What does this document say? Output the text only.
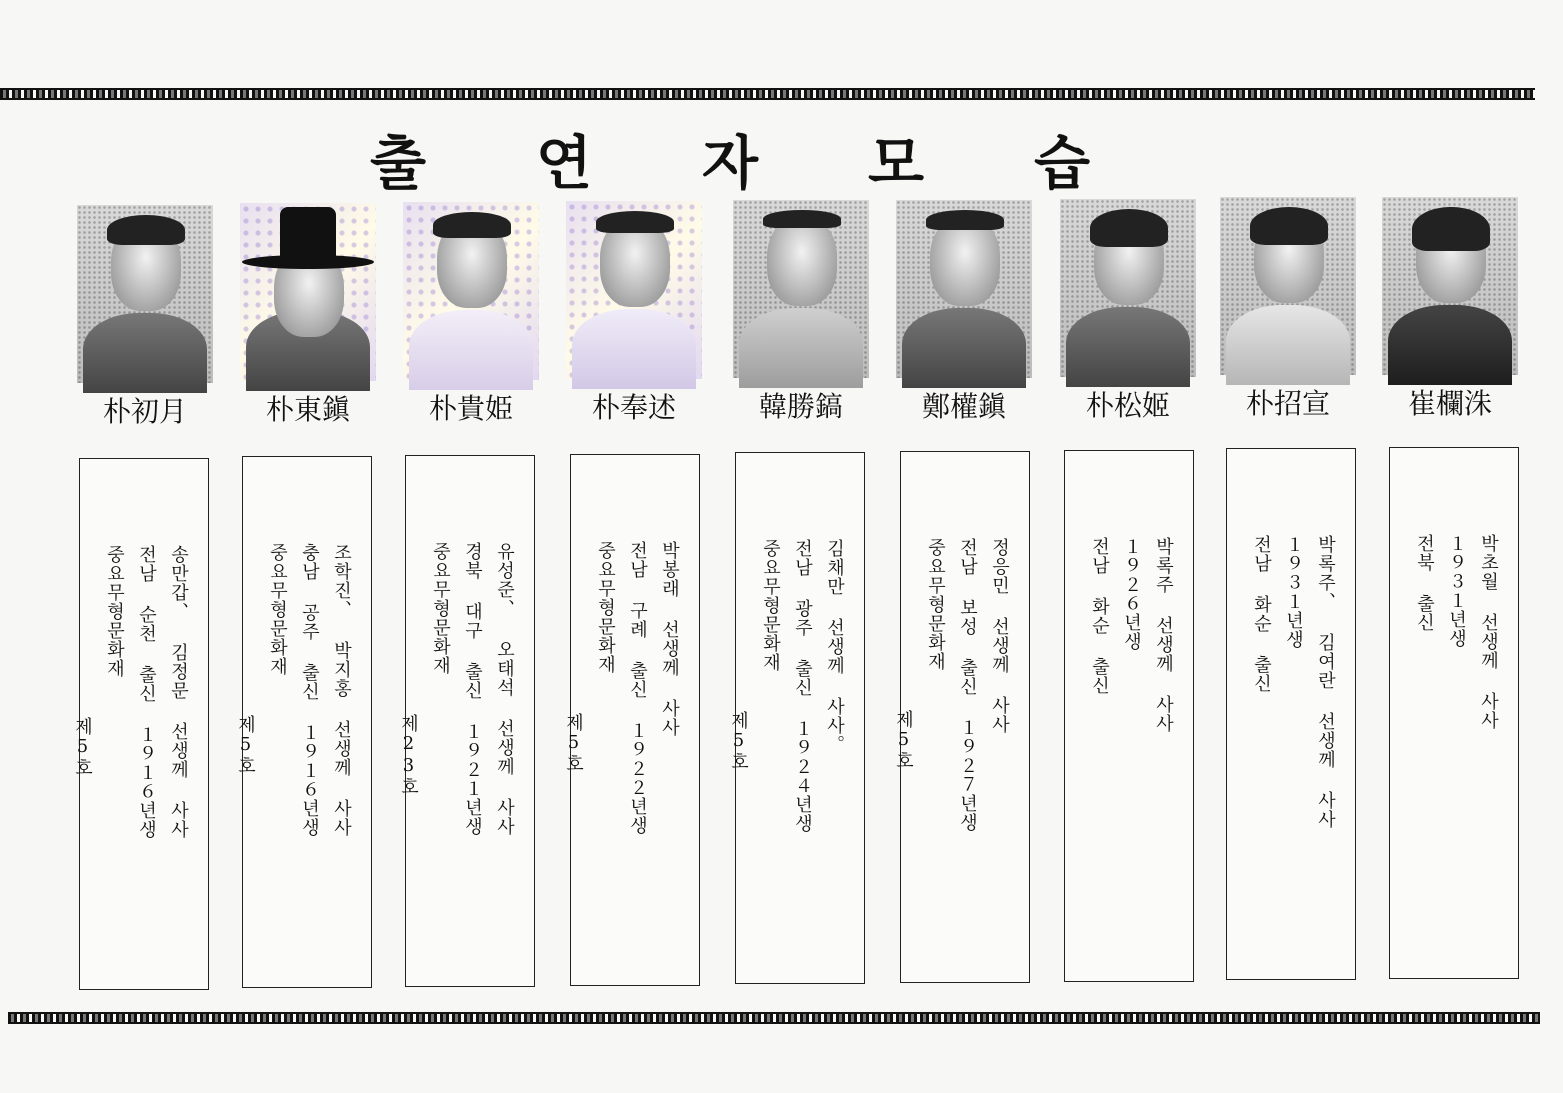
출 연 자 모 습
朴初月
송만갑、 김정문 선생께 사사
전남 순천 출신 １９１６년생
중요무형문화재
제5호
朴東鎭
조학진、 박지홍 선생께 사사
충남 공주 출신 １９１６년생
중요무형문화재
제5호
朴貴姫
유성준、 오태석 선생께 사사
경북 대구 출신 １９２１년생
중요무형문화재
제23호
朴奉述
박봉래 선생께 사사
전남 구례 출신 １９２２년생
중요무형문화재
제5호
韓勝鎬
김채만 선생께 사사。
전남 광주 출신 １９２４년생
중요무형문화재
제5호
鄭權鎭
정응민 선생께 사사
전남 보성 출신 １９２７년생
중요무형문화재
제5호
朴松姬
박록주 선생께 사사
１９２６년생
전남 화순 출신
朴招宣
박록주、 김여란 선생께 사사
１９３１년생
전남 화순 출신
崔欄洙
박초월 선생께 사사
１９３１년생
전북 출신
